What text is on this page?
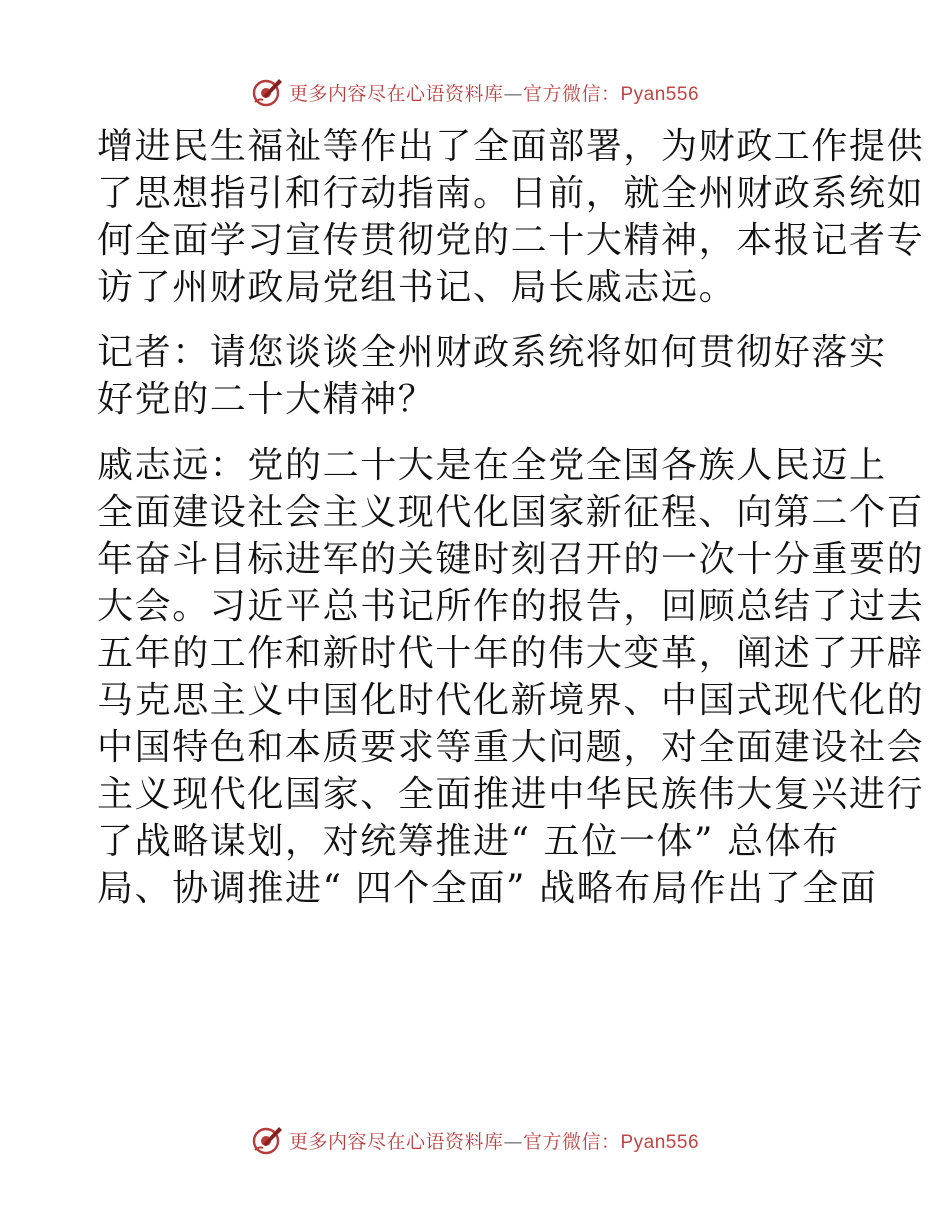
更多内容尽在心语资料库—官方微信：Pyan556

增进民生福祉等作出了全面部署，为财政工作提供
了思想指引和行动指南。日前，就全州财政系统如
何全面学习宣传贯彻党的二十大精神，本报记者专
访了州财政局党组书记、局长戚志远。

记者：请您谈谈全州财政系统将如何贯彻好落实
好党的二十大精神？

戚志远：党的二十大是在全党全国各族人民迈上
全面建设社会主义现代化国家新征程、向第二个百
年奋斗目标进军的关键时刻召开的一次十分重要的
大会。习近平总书记所作的报告，回顾总结了过去
五年的工作和新时代十年的伟大变革，阐述了开辟
马克思主义中国化时代化新境界、中国式现代化的
中国特色和本质要求等重大问题，对全面建设社会
主义现代化国家、全面推进中华民族伟大复兴进行
了战略谋划，对统筹推进“ 五位一体” 总体布
局、协调推进“ 四个全面” 战略布局作出了全面

更多内容尽在心语资料库—官方微信：Pyan556
